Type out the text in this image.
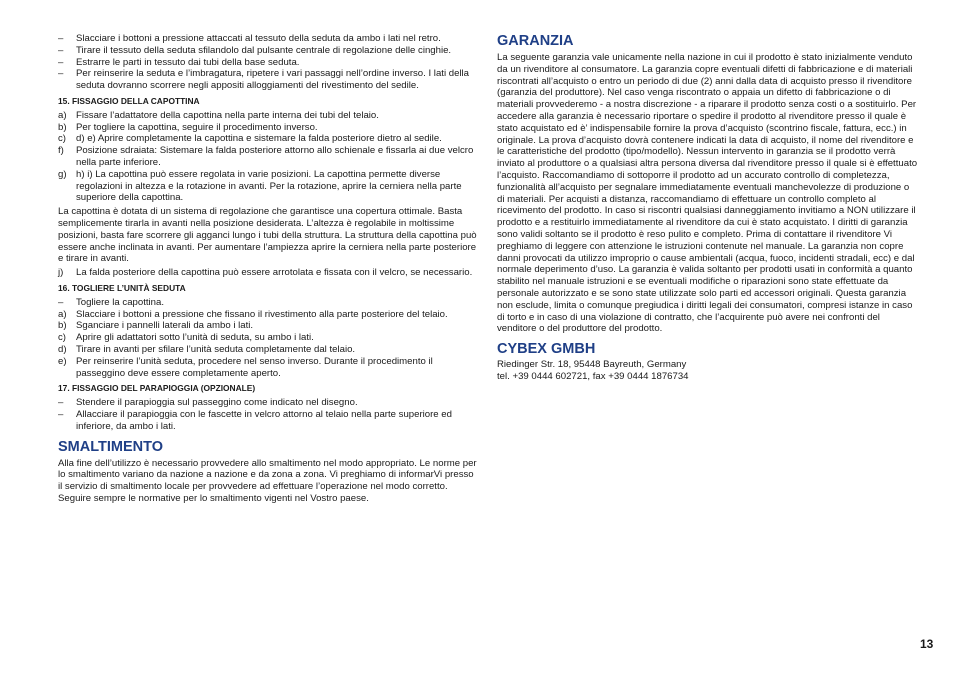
–	Slacciare i bottoni a pressione attaccati al tessuto della seduta da ambo i lati nel retro.
–	Tirare il tessuto della seduta sfilandolo dal pulsante centrale di regolazione delle cinghie.
–	Estrarre le parti in tessuto dai tubi della base seduta.
–	Per reinserire la seduta e l’imbragatura, ripetere i vari passaggi nell’ordine inverso. I lati della seduta dovranno scorrere negli appositi alloggiamenti del rivestimento del sedile.
15. FISSAGGIO DELLA CAPOTTINA
a) Fissare l’adattatore della capottina nella parte interna dei tubi del telaio.
b) Per togliere la capottina, seguire il procedimento inverso.
c)	d) e) Aprire completamente la capottina e sistemare la falda posteriore dietro al sedile.
f)	Posizione sdraiata: Sistemare la falda posteriore attorno allo schienale e fissarla ai due velcro nella parte inferiore.
g) h) i) La capottina può essere regolata in varie posizioni. La capottina permette diverse regolazioni in altezza e la rotazione in avanti. Per la rotazione, aprire la cerniera nella parte superiore della capottina.
La capottina è dotata di un sistema di regolazione che garantisce una copertura ottimale. Basta semplicemente tirarla in avanti nella posizione desiderata. L’altezza è regolabile in moltissime posizioni, basta fare scorrere gli agganci lungo i tubi della struttura. La struttura della capottina può essere anche inclinata in avanti. Per aumentare l’ampiezza aprire la cerniera nella parte posteriore e tirare in avanti.
j)	La falda posteriore della capottina può essere arrotolata e fissata con il velcro, se necessario.
16. TOGLIERE L’UNITÀ SEDUTA
–	Togliere la capottina.
a) Slacciare i bottoni a pressione che fissano il rivestimento alla parte posteriore del telaio.
b) Sganciare i pannelli laterali da ambo i lati.
c)	Aprire gli adattatori sotto l’unità di seduta, su ambo i lati.
d) Tirare in avanti per sfilare l’unità seduta completamente dal telaio.
e) Per reinserire l’unità seduta, procedere nel senso inverso. Durante il procedimento il passeggino deve essere completamente aperto.
17. FISSAGGIO DEL PARAPIOGGIA (OPZIONALE)
–	Stendere il parapioggia sul passeggino come indicato nel disegno.
–	Allacciare il parapioggia con le fascette in velcro attorno al telaio nella parte superiore ed inferiore, da ambo i lati.
SMALTIMENTO
Alla fine dell’utilizzo è necessario provvedere allo smaltimento nel modo appropriato. Le norme per lo smaltimento variano da nazione a nazione e da zona a zona. Vi preghiamo di informarVi presso il servizio di smaltimento locale per provvedere ad effettuare l’operazione nel modo corretto. Seguire sempre le normative per lo smaltimento vigenti nel Vostro paese.
GARANZIA
La seguente garanzia vale unicamente nella nazione in cui il prodotto è stato inizialmente venduto da un rivenditore al consumatore. La garanzia copre eventuali difetti di fabbricazione e di materiali riscontrati all’acquisto o entro un periodo di due (2) anni dalla data di acquisto presso il rivenditore (garanzia del produttore). Nel caso venga riscontrato o appaia un difetto di fabbricazione o di materiali provvederemo - a nostra discrezione - a riparare il prodotto senza costi o a sostituirlo. Per accedere alla garanzia è necessario riportare o spedire il prodotto al rivenditore presso il quale è stato acquistato ed è’ indispensabile fornire la prova d’acquisto (scontrino fiscale, fattura, ecc.) in originale. La prova d’acquisto dovrà contenere indicati la data di acquisto, il nome del rivenditore e le caratteristiche del prodotto (tipo/modello). Nessun intervento in garanzia se il prodotto verrà inviato al produttore o a qualsiasi altra persona diversa dal rivenditore presso il quale si è effettuato l’acquisto. Raccomandiamo di sottoporre il prodotto ad un accurato controllo di completezza, funzionalità all’acquisto per segnalare immediatamente eventuali manchevolezze di produzione o di materiali. Per acquisti a distanza, raccomandiamo di effettuare un controllo completo al ricevimento del prodotto. In caso si riscontri qualsiasi danneggiamento invitiamo a NON utilizzare il prodotto e a restituirlo immediatamente al rivenditore da cui è stato acquistato. I diritti di garanzia sono validi soltanto se il prodotto è reso pulito e completo. Prima di contattare il rivenditore Vi preghiamo di leggere con attenzione le istruzioni contenute nel manuale. La garanzia non copre danni provocati da utilizzo improprio o cause ambientali (acqua, fuoco, incidenti stradali, ecc) e dal normale deperimento d’uso. La garanzia è valida soltanto per prodotti usati in conformità a quanto stabilito nel manuale istruzioni e se eventuali modifiche o riparazioni sono state effettuate da personale autorizzato e se sono state utilizzate solo parti ed accessori originali. Questa garanzia non esclude, limita o comunque pregiudica i diritti legali dei consumatori, compresi istanze in caso di torto e in caso di una violazione di contratto, che l’acquirente può avere nei confronti del venditore o del produttore del prodotto.
CYBEX GMBH
Riedinger Str. 18, 95448 Bayreuth, Germany
tel. +39 0444 602721, fax +39 0444 1876734
13
